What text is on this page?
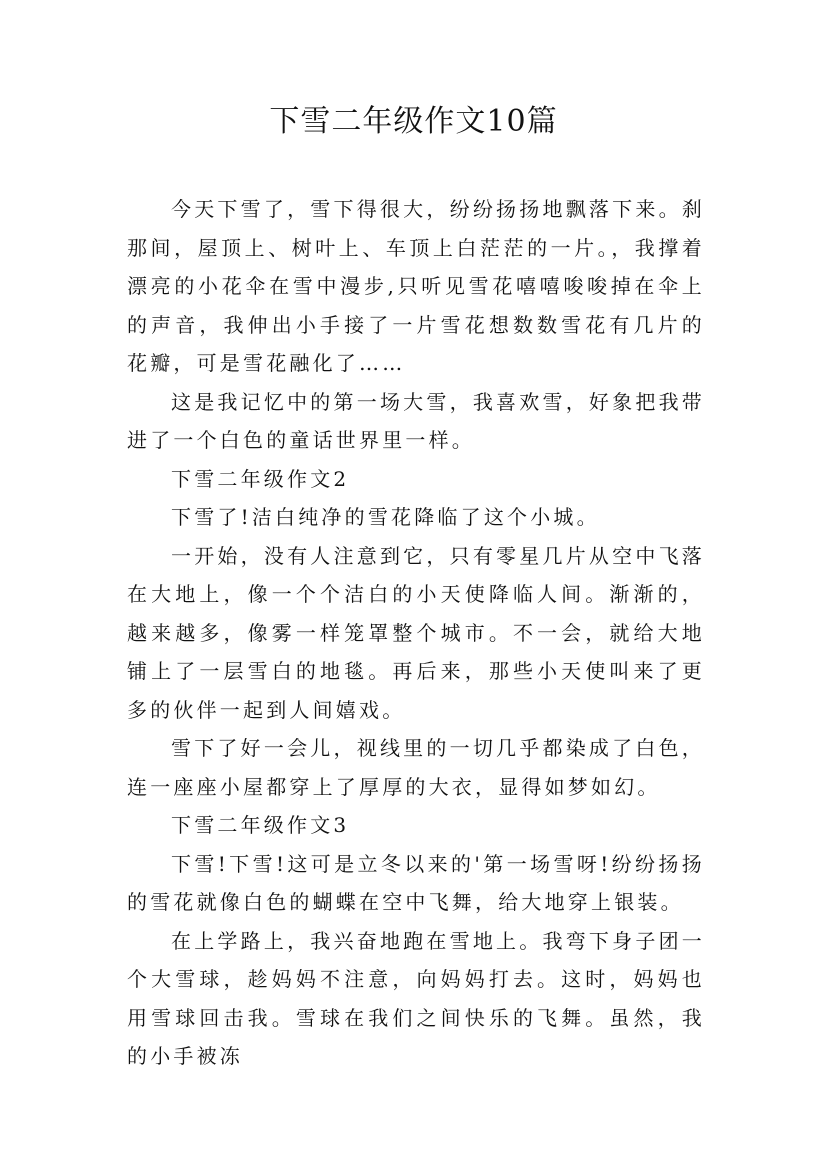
下雪二年级作文10篇

今天下雪了，雪下得很大，纷纷扬扬地飘落下来。刹那间，屋顶上、树叶上、车顶上白茫茫的一片。，我撑着漂亮的小花伞在雪中漫步,只听见雪花嘻嘻唆唆掉在伞上的声音，我伸出小手接了一片雪花想数数雪花有几片的花瓣，可是雪花融化了……

这是我记忆中的第一场大雪，我喜欢雪，好象把我带进了一个白色的童话世界里一样。

下雪二年级作文2

下雪了!洁白纯净的雪花降临了这个小城。

一开始，没有人注意到它，只有零星几片从空中飞落在大地上，像一个个洁白的小天使降临人间。渐渐的，越来越多，像雾一样笼罩整个城市。不一会，就给大地铺上了一层雪白的地毯。再后来，那些小天使叫来了更多的伙伴一起到人间嬉戏。

雪下了好一会儿，视线里的一切几乎都染成了白色，连一座座小屋都穿上了厚厚的大衣，显得如梦如幻。

下雪二年级作文3

下雪!下雪!这可是立冬以来的'第一场雪呀!纷纷扬扬的雪花就像白色的蝴蝶在空中飞舞，给大地穿上银装。

在上学路上，我兴奋地跑在雪地上。我弯下身子团一个大雪球，趁妈妈不注意，向妈妈打去。这时，妈妈也用雪球回击我。雪球在我们之间快乐的飞舞。虽然，我的小手被冻
